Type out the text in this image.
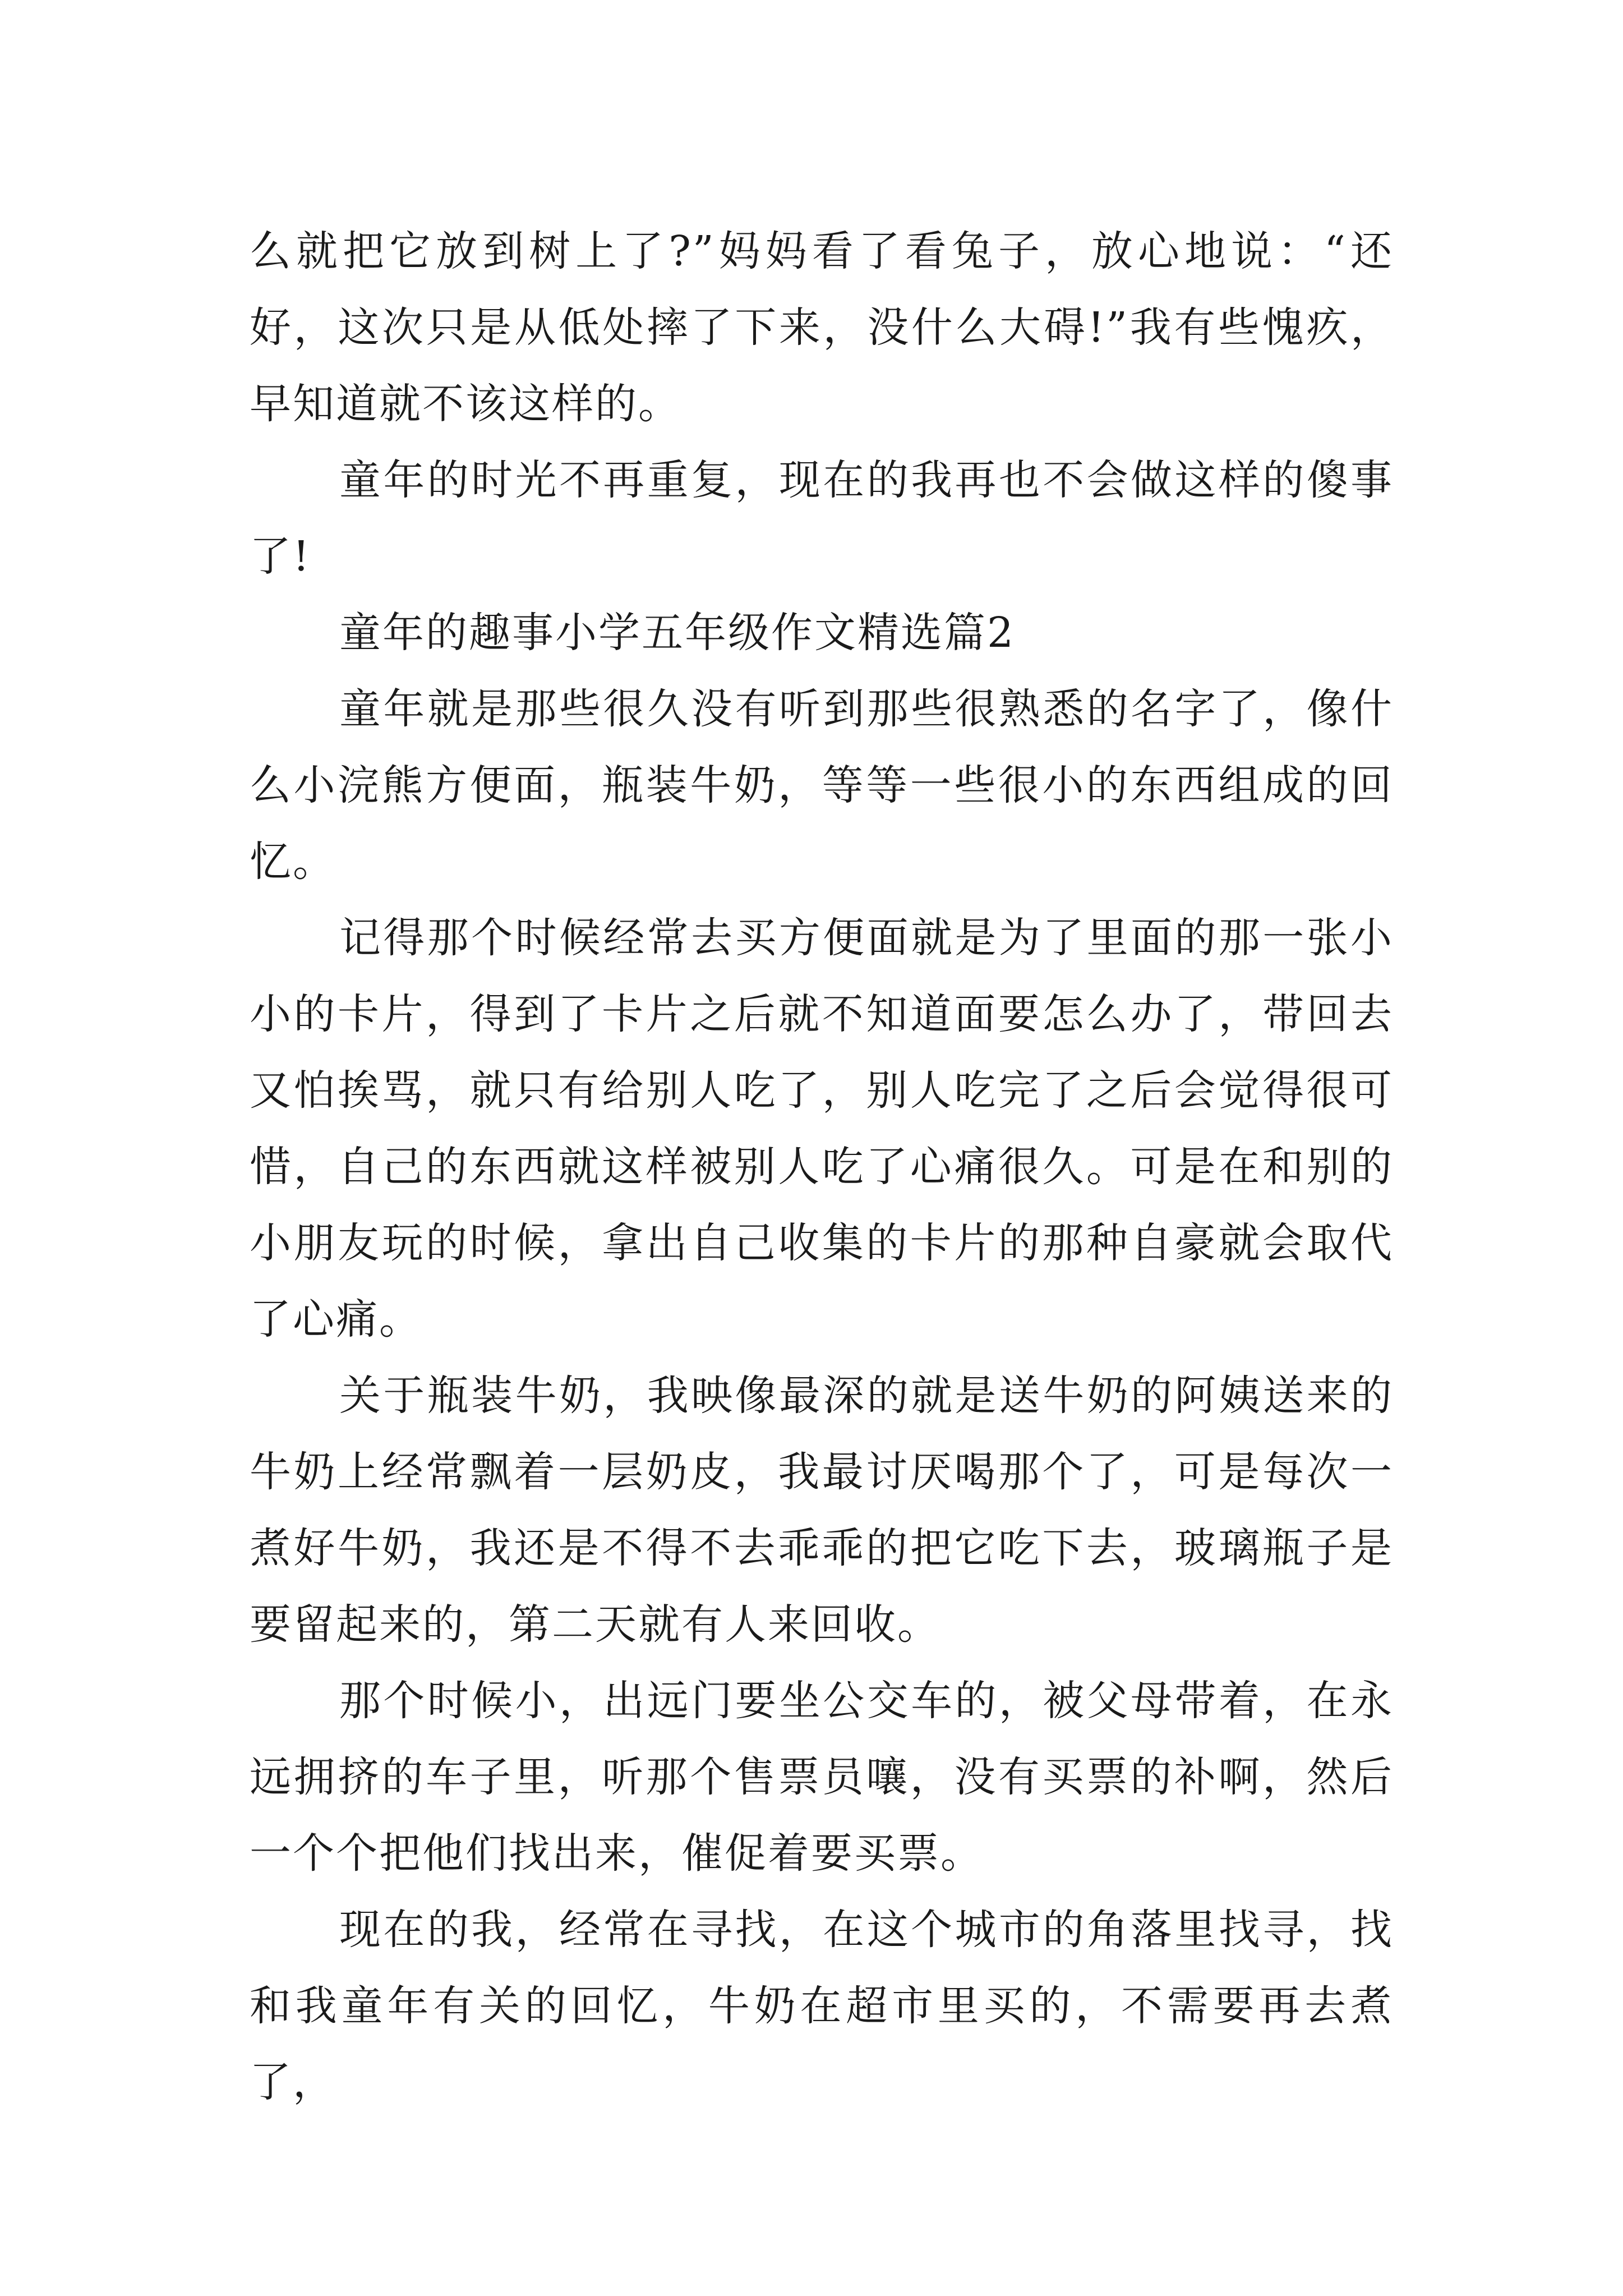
么就把它放到树上了?”妈妈看了看兔子，放心地说：“还好，这次只是从低处摔了下来，没什么大碍!”我有些愧疚，早知道就不该这样的。

童年的时光不再重复，现在的我再也不会做这样的傻事了!

童年的趣事小学五年级作文精选篇2

童年就是那些很久没有听到那些很熟悉的名字了，像什么小浣熊方便面，瓶装牛奶，等等一些很小的东西组成的回忆。

记得那个时候经常去买方便面就是为了里面的那一张小小的卡片，得到了卡片之后就不知道面要怎么办了，带回去又怕挨骂，就只有给别人吃了，别人吃完了之后会觉得很可惜，自己的东西就这样被别人吃了心痛很久。可是在和别的小朋友玩的时候，拿出自己收集的卡片的那种自豪就会取代了心痛。

关于瓶装牛奶，我映像最深的就是送牛奶的阿姨送来的牛奶上经常飘着一层奶皮，我最讨厌喝那个了，可是每次一煮好牛奶，我还是不得不去乖乖的把它吃下去，玻璃瓶子是要留起来的，第二天就有人来回收。

那个时候小，出远门要坐公交车的，被父母带着，在永远拥挤的车子里，听那个售票员嚷，没有买票的补啊，然后一个个把他们找出来，催促着要买票。

现在的我，经常在寻找，在这个城市的角落里找寻，找和我童年有关的回忆，牛奶在超市里买的，不需要再去煮了，
